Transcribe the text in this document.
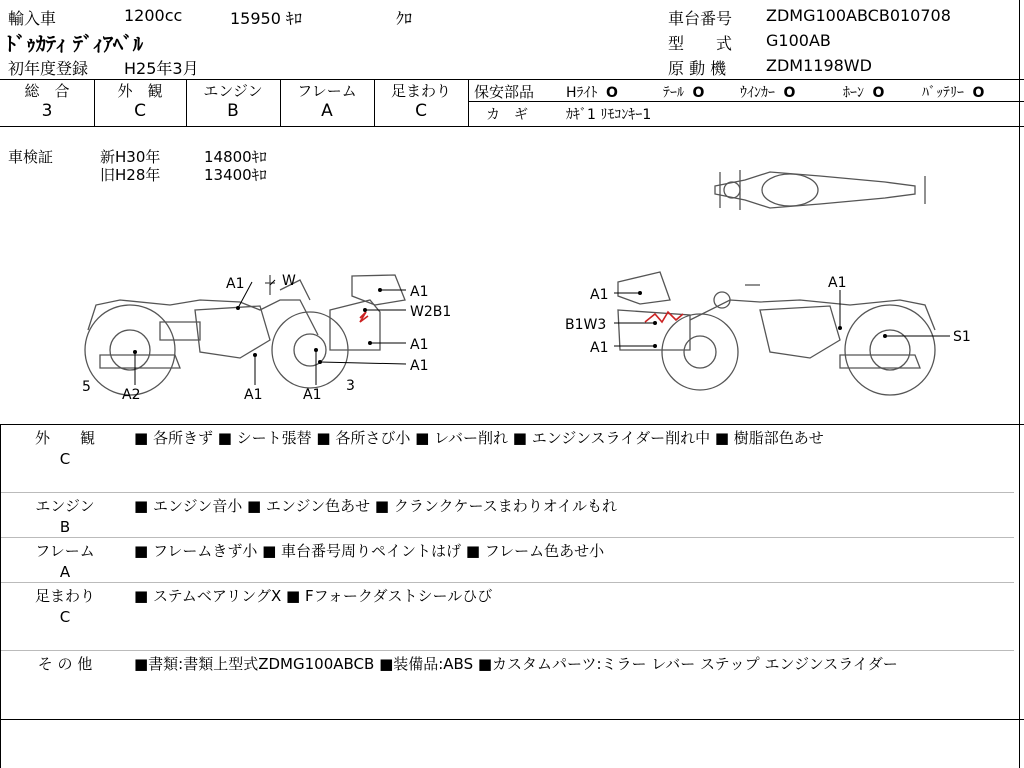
輸入車	1200cc	15950 ｷﾛ	ｸﾛ
ﾄﾞｩｶﾃｨ ﾃﾞｨｱﾍﾞﾙ
初年度登録 H25年3月
車台番号 ZDMG100ABCB010708
型　　式 G100AB
原 動 機 ZDM1198WD
総　合	外　観	エンジン	フレーム	足まわり
3	C	B	A	C
保安部品 Hﾗｲﾄ O	ﾃｰﾙ O	ｳｲﾝｶｰ O	ﾎｰﾝ O	ﾊﾞｯﾃﾘｰ O
カ　ギ	ｶｷﾞ1 ﾘﾓｺﾝｷｰ1
車検証	新H30年	14800ｷﾛ
旧H28年	13400ｷﾛ
A1	W
A1
W2B1
A1
A1
5 A2	A1	A1
3
A1
A1
B1W3
A1
S1
外　　観
C
■ 各所きず ■ シート張替 ■ 各所さび小 ■ レバー削れ ■ エンジンスライダー削れ中 ■ 樹脂部色あせ
エンジン
B
■ エンジン音小 ■ エンジン色あせ ■ クランクケースまわりオイルもれ
フレーム
A
■ フレームきず小 ■ 車台番号周りペイントはげ ■ フレーム色あせ小
足まわり
C
■ ステムベアリングX ■ Fフォークダストシールひび
そ の 他	■書類:書類上型式ZDMG100ABCB ■装備品:ABS ■カスタムパーツ:ミラー レバー ステップ エンジンスライダー
